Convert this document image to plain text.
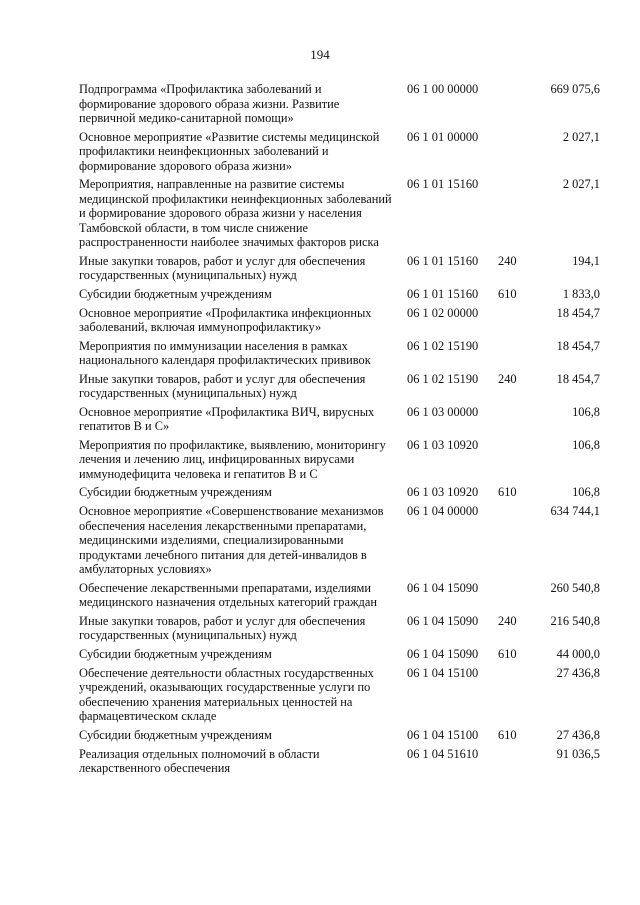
194
Подпрограмма «Профилактика заболеваний и формирование здорового образа жизни. Развитие первичной медико-санитарной помощи»
06 1 00 00000	669 075,6
Основное мероприятие «Развитие системы медицинской профилактики неинфекционных заболеваний и формирование здорового образа жизни»
06 1 01 00000	2 027,1
Мероприятия, направленные на развитие системы медицинской профилактики неинфекционных заболеваний и формирование здорового образа жизни у населения Тамбовской области, в том числе снижение распространенности наиболее значимых факторов риска
06 1 01 15160	2 027,1
Иные закупки товаров, работ и услуг для обеспечения государственных (муниципальных) нужд
06 1 01 15160 240	194,1
Субсидии бюджетным учреждениям	06 1 01 15160 610	1 833,0
Основное мероприятие «Профилактика инфекционных заболеваний, включая иммунопрофилактику»
06 1 02 00000	18 454,7
Мероприятия по иммунизации населения в рамках национального календаря профилактических прививок
06 1 02 15190	18 454,7
Иные закупки товаров, работ и услуг для обеспечения государственных (муниципальных) нужд
06 1 02 15190 240	18 454,7
Основное мероприятие «Профилактика ВИЧ, вирусных гепатитов В и С»
06 1 03 00000	106,8
Мероприятия по профилактике, выявлению, мониторингу лечения и лечению лиц, инфицированных вирусами иммунодефицита человека и гепатитов В и С
06 1 03 10920	106,8
Субсидии бюджетным учреждениям	06 1 03 10920 610	106,8
Основное мероприятие «Совершенствование механизмов обеспечения населения лекарственными препаратами, медицинскими изделиями, специализированными продуктами лечебного питания для детей-инвалидов в амбулаторных условиях»
06 1 04 00000	634 744,1
Обеспечение лекарственными препаратами, изделиями медицинского назначения отдельных категорий граждан
06 1 04 15090	260 540,8
Иные закупки товаров, работ и услуг для обеспечения государственных (муниципальных) нужд
06 1 04 15090 240	216 540,8
Субсидии бюджетным учреждениям	06 1 04 15090 610	44 000,0
Обеспечение деятельности областных государственных учреждений, оказывающих государственные услуги по обеспечению хранения материальных ценностей на фармацевтическом складе
06 1 04 15100	27 436,8
Субсидии бюджетным учреждениям	06 1 04 15100 610	27 436,8
Реализация отдельных полномочий в области лекарственного обеспечения
06 1 04 51610	91 036,5
